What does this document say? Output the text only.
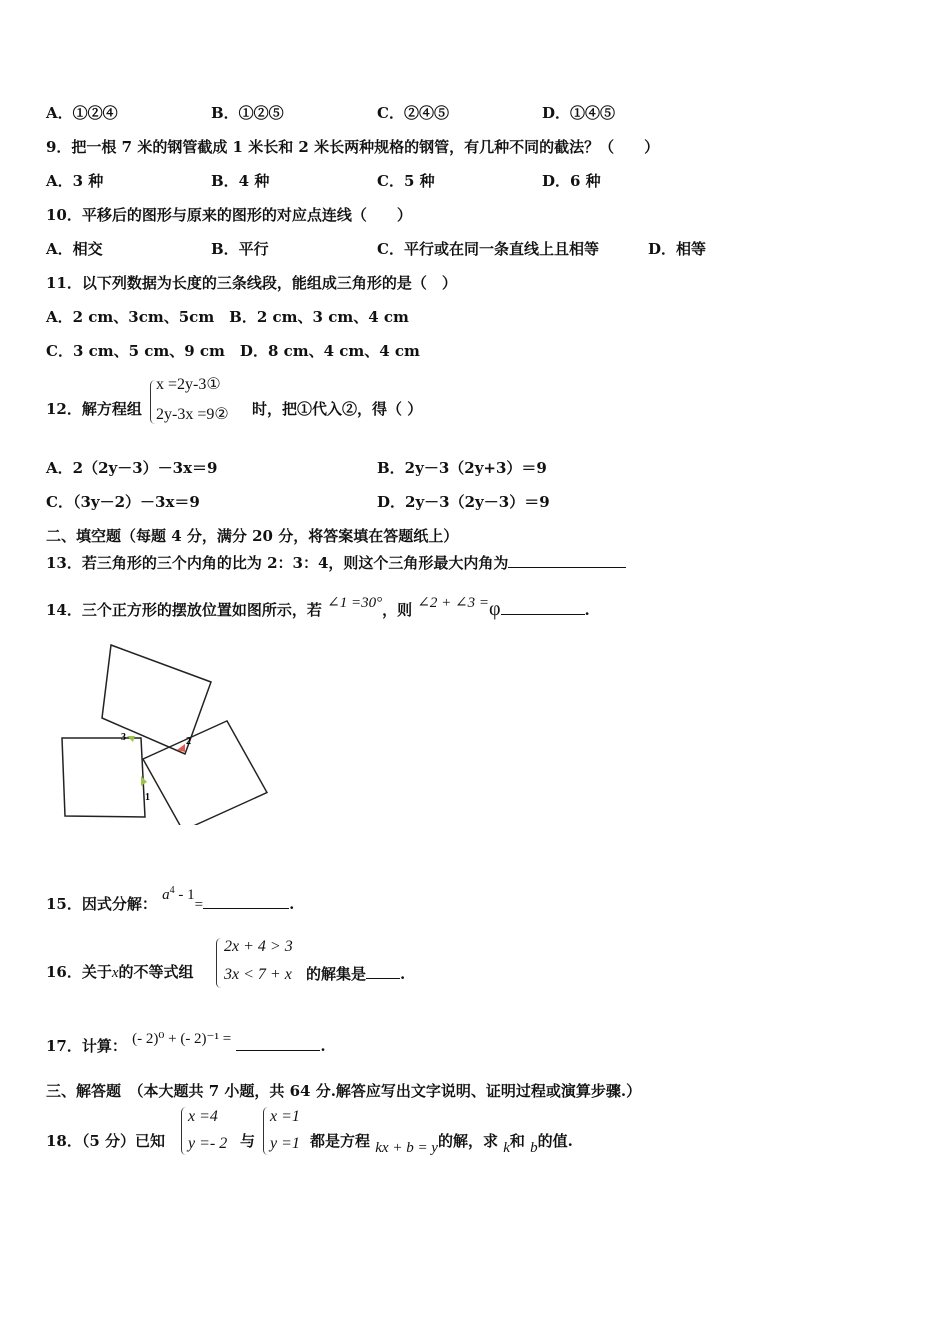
A．①②④	B．①②⑤	C．②④⑤	D．①④⑤
9．把一根 7 米的钢管截成 1 米长和 2 米长两种规格的钢管，有几种不同的截法？（　　）
A．3 种	B．4 种	C．5 种	D．6 种
10．平移后的图形与原来的图形的对应点连线（　　）
A．相交	B．平行	C．平行或在同一条直线上且相等	D．相等
11．以下列数据为长度的三条线段，能组成三角形的是（　）
A．2 cm、3cm、5cm　B．2 cm、3 cm、4 cm
C．3 cm、5 cm、9 cm　D．8 cm、4 cm、4 cm
12．解方程组
x =2y-3①
2y-3x =9② 时，把①代入②，得（ ）
A．2（2y－3）－3x＝9	B．2y－3（2y+3）＝9
C．（3y－2）－3x＝9	D．2y－3（2y－3）＝9
二、填空题（每题 4 分，满分 20 分，将答案填在答题纸上）
13．若三角形的三个内角的比为 2：3：4，则这个三角形最大内角为
14．三个正方形的摆放位置如图所示，若 ∠1 =30°，则 ∠2 + ∠3 =φ	.
3	2
1
15．因式分解： $a^4 - 1=$	.
16．关于x的不等式组
2x + 4 > 3
3x < 7 + x 的解集是 .
17．计算： (- 2)⁰ + (- 2)⁻¹ =	.
三、解答题　（本大题共 7 小题，共 64 分.解答应写出文字说明、证明过程或演算步骤.）
18．（5 分）已知
x =4
y =- 2 与
x =1
y =1 都是方程 kx + b = y的解，求 k和 b的值.
